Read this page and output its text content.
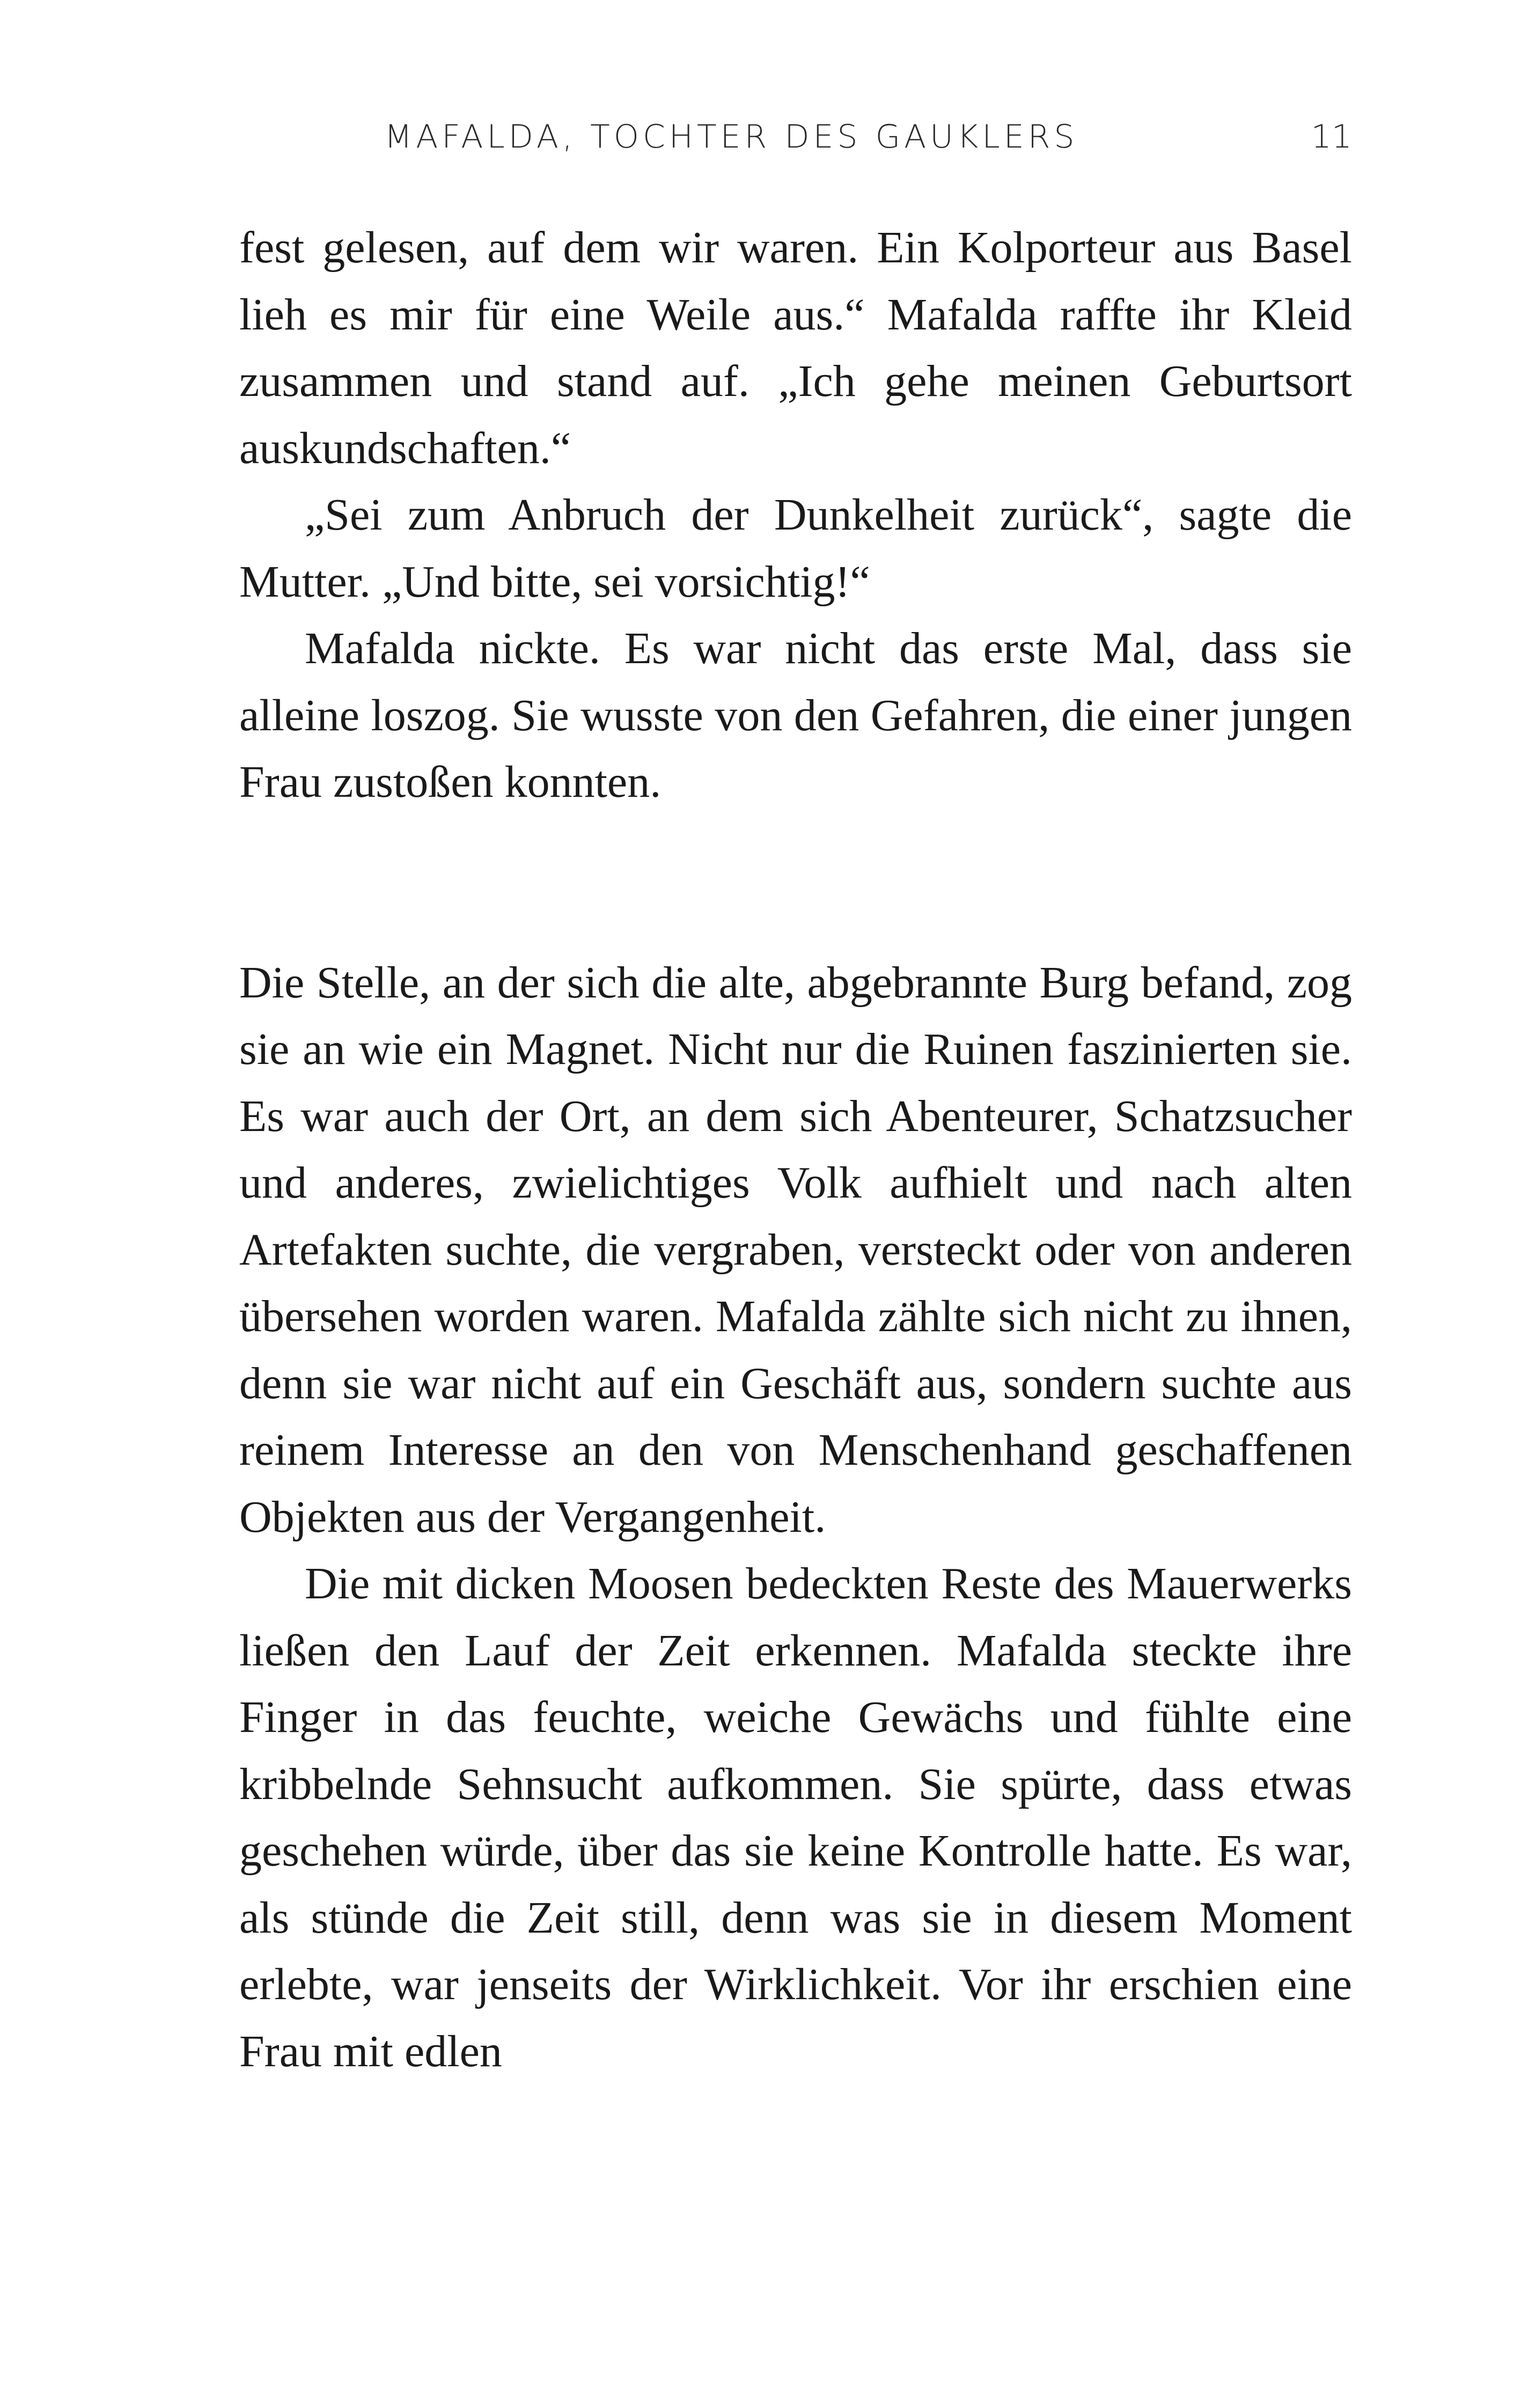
MAFALDA, TOCHTER DES GAUKLERS	11

fest gelesen, auf dem wir waren. Ein Kolporteur aus Basel lieh es mir für eine Weile aus.“ Mafalda raffte ihr Kleid zusammen und stand auf. „Ich gehe meinen Geburtsort auskundschaften.“

„Sei zum Anbruch der Dunkelheit zurück“, sagte die Mutter. „Und bitte, sei vorsichtig!“

Mafalda nickte. Es war nicht das erste Mal, dass sie alleine loszog. Sie wusste von den Gefahren, die einer jungen Frau zustoßen konnten.

Die Stelle, an der sich die alte, abgebrannte Burg befand, zog sie an wie ein Magnet. Nicht nur die Ruinen faszinierten sie. Es war auch der Ort, an dem sich Abenteurer, Schatzsucher und anderes, zwielichtiges Volk aufhielt und nach alten Artefakten suchte, die vergraben, versteckt oder von anderen übersehen worden waren. Mafalda zählte sich nicht zu ihnen, denn sie war nicht auf ein Geschäft aus, sondern suchte aus reinem Interesse an den von Menschenhand geschaffenen Objekten aus der Vergangenheit.

Die mit dicken Moosen bedeckten Reste des Mauerwerks ließen den Lauf der Zeit erkennen. Mafalda steckte ihre Finger in das feuchte, weiche Gewächs und fühlte eine kribbelnde Sehnsucht aufkommen. Sie spürte, dass etwas geschehen würde, über das sie keine Kontrolle hatte. Es war, als stünde die Zeit still, denn was sie in diesem Moment erlebte, war jenseits der Wirklichkeit. Vor ihr erschien eine Frau mit edlen
